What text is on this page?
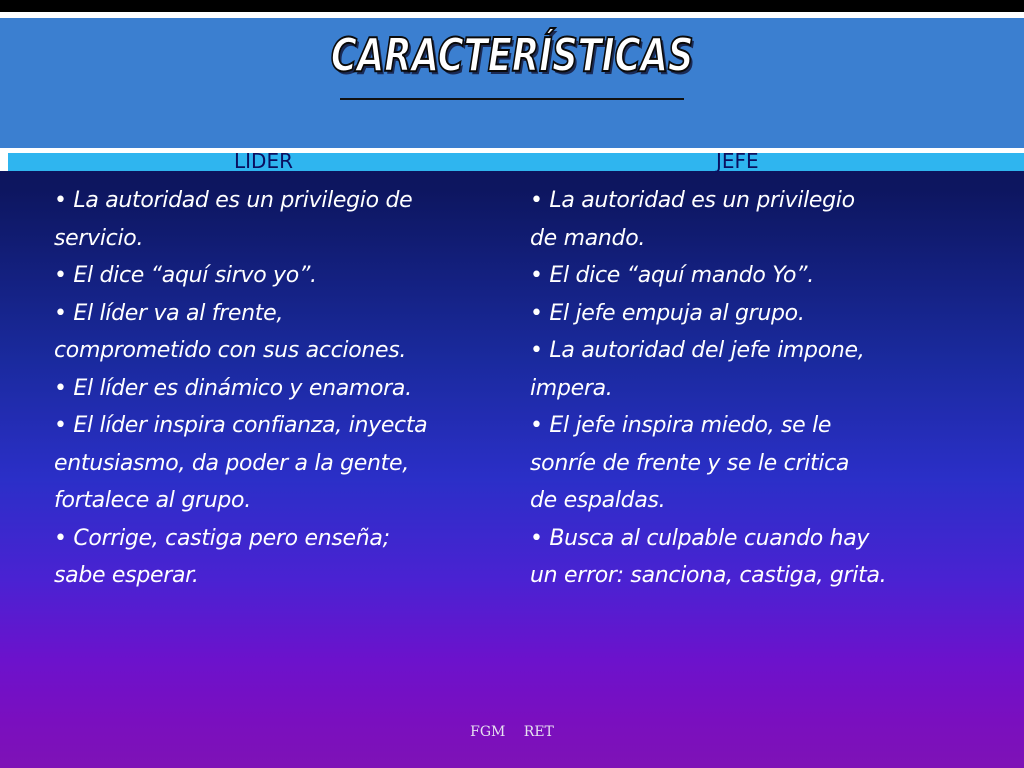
CARACTERÍSTICAS
LIDER	JEFE

• La autoridad es un privilegio de

servicio.

• El dice “aquí sirvo yo”.

• El líder va al frente,

comprometido con sus acciones.

• El líder es dinámico y enamora.

• El líder inspira confianza, inyecta

entusiasmo, da poder a la gente,

fortalece al grupo.

• Corrige, castiga pero enseña;

sabe esperar.

• La autoridad es un privilegio

de mando.

• El dice “aquí mando Yo”.

• El jefe empuja al grupo.

• La autoridad del jefe impone,

impera.

• El jefe inspira miedo, se le

sonríe de frente y se le critica

de espaldas.

• Busca al culpable cuando hay

un error: sanciona, castiga, grita.

FGM RET
